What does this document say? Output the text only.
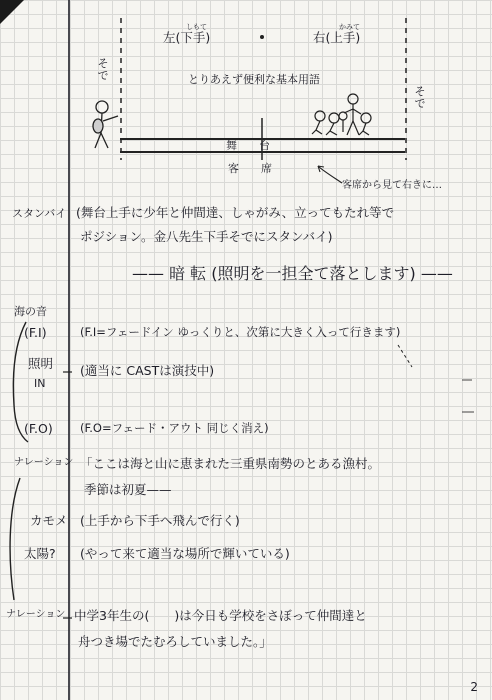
左(下手)
しもて
右(上手)
かみて
そで
そで
とりあえず便利な基本用語
舞　　台
客　　席
客席から見て右きに…
スタンバイ (舞台上手に少年と仲間達、しゃがみ、立ってもたれ等で
ポジション。金八先生下手そでにスタンバイ)
—— 暗 転 (照明を一担全て落とします) ——
海の音
(F.I)	(F.I=フェードイン ゆっくりと、次第に大きく入って行きます)
照明
IN
(適当に CASTは演技中)
(F.O) (F.O=フェード・アウト 同じく消え)
ナレーション 「ここは海と山に恵まれた三重県南勢のとある漁村。
季節は初夏——
カモメ (上手から下手へ飛んで行く)
太陽? (やって来て適当な場所で輝いている)
ナレーション 中学3年生の(　　)は今日も学校をさぼって仲間達と
舟つき場でたむろしていました。」
2
